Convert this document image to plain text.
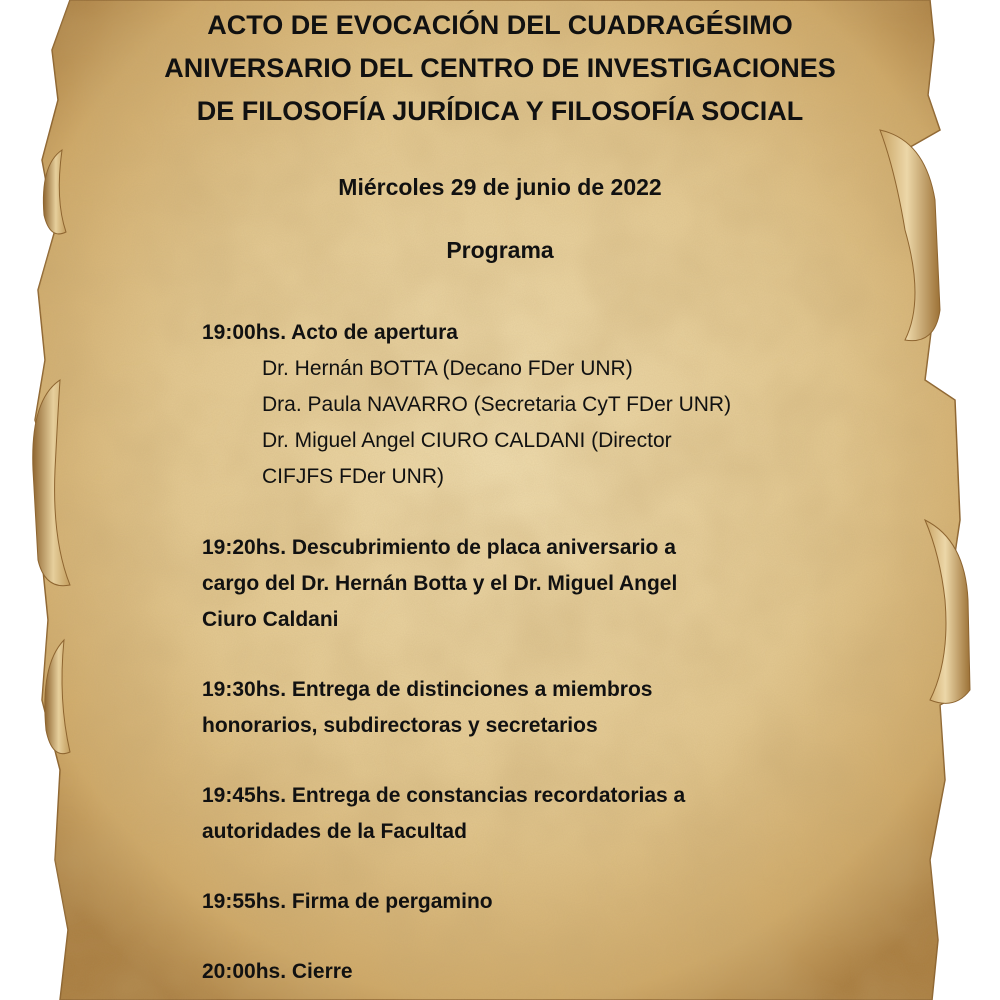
ACTO DE EVOCACIÓN DEL CUADRAGÉSIMO
ANIVERSARIO DEL CENTRO DE INVESTIGACIONES
DE FILOSOFÍA JURÍDICA Y FILOSOFÍA SOCIAL

Miércoles 29 de junio de 2022

Programa

19:00hs. Acto de apertura
Dr. Hernán BOTTA (Decano FDer UNR)
Dra. Paula NAVARRO (Secretaria CyT FDer UNR)
Dr. Miguel Angel CIURO CALDANI (Director
CIFJFS FDer UNR)
19:20hs. Descubrimiento de placa aniversario a
cargo del Dr. Hernán Botta y el Dr. Miguel Angel
Ciuro Caldani
19:30hs. Entrega de distinciones a miembros
honorarios, subdirectoras y secretarios
19:45hs. Entrega de constancias recordatorias a
autoridades de la Facultad
19:55hs. Firma de pergamino
20:00hs. Cierre
